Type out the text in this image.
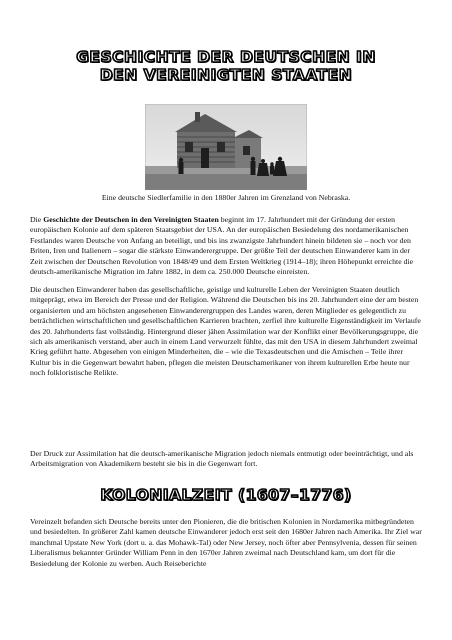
GESCHICHTE DER DEUTSCHEN IN
DEN VEREINIGTEN STAATEN
Eine deutsche Siedlerfamilie in den 1880er Jahren im Grenzland von Nebraska.

Die Geschichte der Deutschen in den Vereinigten Staaten beginnt im 17. Jahrhundert mit der Gründung der ersten europäischen Kolonie auf dem späteren Staatsgebiet der USA. An der europäischen Besiedelung des nordamerikanischen Festlandes waren Deutsche von Anfang an beteiligt, und bis ins zwanzigste Jahrhundert hinein bildeten sie – noch vor den Briten, Iren und Italienern – sogar die stärkste Einwanderergruppe. Der größte Teil der deutschen Einwanderer kam in der Zeit zwischen der Deutschen Revolution von 1848/49 und dem Ersten Weltkrieg (1914–18); ihren Höhepunkt erreichte die deutsch-amerikanische Migration im Jahre 1882, in dem ca. 250.000 Deutsche einreisten.

Die deutschen Einwanderer haben das gesellschaftliche, geistige und kulturelle Leben der Vereinigten Staaten deutlich mitgeprägt, etwa im Bereich der Presse und der Religion. Während die Deutschen bis ins 20. Jahrhundert eine der am besten organisierten und am höchsten angesehenen Einwanderergruppen des Landes waren, deren Mitglieder es gelegentlich zu beträchtlichen wirtschaftlichen und gesellschaftlichen Karrieren brachten, zerfiel ihre kulturelle Eigenständigkeit im Verlaufe des 20. Jahrhunderts fast vollständig. Hintergrund dieser jähen Assimilation war der Konflikt einer Bevölkerungsgruppe, die sich als amerikanisch verstand, aber auch in einem Land verwurzelt fühlte, das mit den USA in diesem Jahrhundert zweimal Krieg geführt hatte. Abgesehen von einigen Minderheiten, die – wie die Texasdeutschen und die Amischen – Teile ihrer Kultur bis in die Gegenwart bewahrt haben, pflegen die meisten Deutschamerikaner von ihrem kulturellen Erbe heute nur noch folkloristische Relikte.

Der Druck zur Assimilation hat die deutsch-amerikanische Migration jedoch niemals entmutigt oder beeinträchtigt, und als Arbeitsmigration von Akademikern besteht sie bis in die Gegenwart fort.

KOLONIALZEIT (1607–1776)

Vereinzelt befanden sich Deutsche bereits unter den Pionieren, die die britischen Kolonien in Nordamerika mitbegründeten und besiedelten. In größerer Zahl kamen deutsche Einwanderer jedoch erst seit den 1680er Jahren nach Amerika. Ihr Ziel war manchmal Upstate New York (dort u. a. das Mohawk-Tal) oder New Jersey, noch öfter aber Pennsylvenia, dessen für seinen Liberalismus bekannter Gründer William Penn in den 1670er Jahren zweimal nach Deutschland kam, um dort für die Besiedelung der Kolonie zu werben. Auch Reiseberichte
